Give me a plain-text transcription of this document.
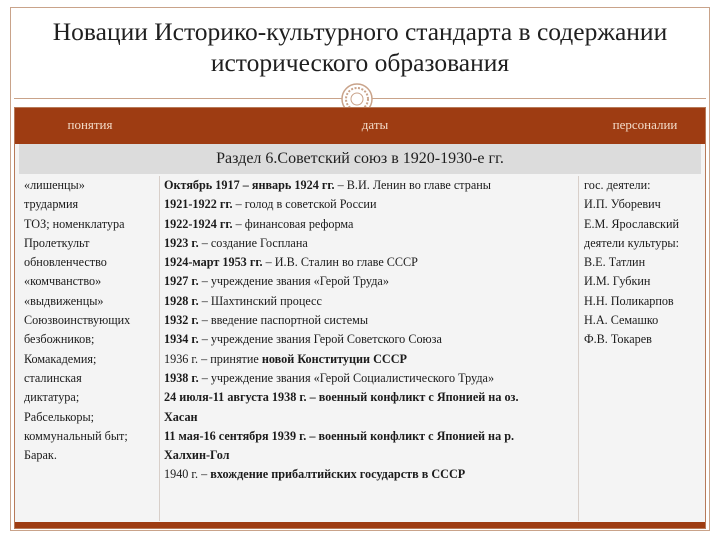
Новации Историко-культурного стандарта в содержании исторического образования
понятия	даты	персоналии
Раздел 6.Советский союз в 1920-1930-е гг.
«лишенцы»
трудармия
ТОЗ; номенклатура
Пролеткульт
обновленчество
«комчванство»
«выдвиженцы»
Союзвоинствующих
безбожников;
Комакадемия;
сталинская
диктатура;
Рабселькоры;
коммунальный быт;
Барак.
Октябрь 1917 – январь 1924 гг. – В.И. Ленин во главе страны
1921-1922 гг. – голод в советской России
1922-1924 гг. – финансовая реформа
1923 г. – создание Госплана
1924-март 1953 гг. – И.В. Сталин во главе СССР
1927 г. – учреждение звания «Герой Труда»
1928 г. – Шахтинский процесс
1932 г. – введение паспортной системы
1934 г. – учреждение звания Герой Советского Союза
1936 г. – принятие новой Конституции СССР
1938 г. – учреждение звания «Герой Социалистического Труда»
24 июля-11 августа 1938 г. – военный конфликт с Японией на оз.
Хасан
11 мая-16 сентября 1939 г. – военный конфликт с Японией на р.
Халхин-Гол
1940 г. – вхождение прибалтийских государств в СССР
гос. деятели:
И.П. Уборевич
Е.М. Ярославский
деятели культуры:
В.Е. Татлин
И.М. Губкин
Н.Н. Поликарпов
Н.А. Семашко
Ф.В. Токарев
